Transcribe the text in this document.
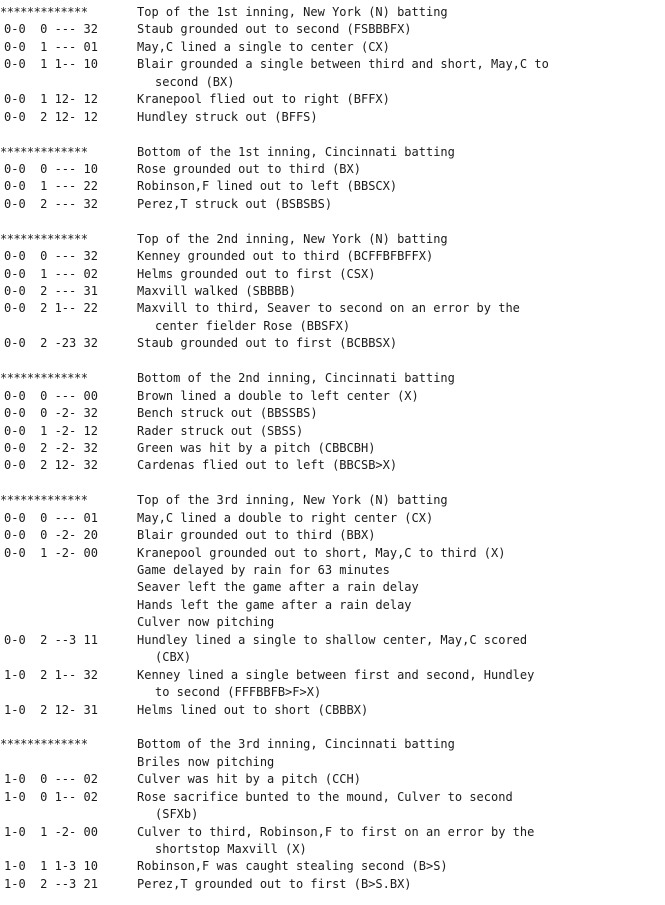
*************	Top of the 1st inning, New York (N) batting
0-0  0 --- 32	Staub grounded out to second (FSBBBFX)
0-0  1 --- 01	May,C lined a single to center (CX)
0-0  1 1-- 10	Blair grounded a single between third and short, May,C to
second (BX)
0-0  1 12- 12	Kranepool flied out to right (BFFX)
0-0  2 12- 12	Hundley struck out (BFFS)
*************	Bottom of the 1st inning, Cincinnati batting
0-0  0 --- 10	Rose grounded out to third (BX)
0-0  1 --- 22	Robinson,F lined out to left (BBSCX)
0-0  2 --- 32	Perez,T struck out (BSBSBS)
*************	Top of the 2nd inning, New York (N) batting
0-0  0 --- 32	Kenney grounded out to third (BCFFBFBFFX)
0-0  1 --- 02	Helms grounded out to first (CSX)
0-0  2 --- 31	Maxvill walked (SBBBB)
0-0  2 1-- 22	Maxvill to third, Seaver to second on an error by the
center fielder Rose (BBSFX)
0-0  2 -23 32	Staub grounded out to first (BCBBSX)
*************	Bottom of the 2nd inning, Cincinnati batting
0-0  0 --- 00	Brown lined a double to left center (X)
0-0  0 -2- 32	Bench struck out (BBSSBS)
0-0  1 -2- 12	Rader struck out (SBSS)
0-0  2 -2- 32	Green was hit by a pitch (CBBCBH)
0-0  2 12- 32	Cardenas flied out to left (BBCSB>X)
*************	Top of the 3rd inning, New York (N) batting
0-0  0 --- 01	May,C lined a double to right center (CX)
0-0  0 -2- 20	Blair grounded out to third (BBX)
0-0  1 -2- 00	Kranepool grounded out to short, May,C to third (X)
Game delayed by rain for 63 minutes
Seaver left the game after a rain delay
Hands left the game after a rain delay
Culver now pitching
0-0  2 --3 11	Hundley lined a single to shallow center, May,C scored
(CBX)
1-0  2 1-- 32	Kenney lined a single between first and second, Hundley
to second (FFFBBFB>F>X)
1-0  2 12- 31	Helms lined out to short (CBBBX)
*************	Bottom of the 3rd inning, Cincinnati batting
Briles now pitching
1-0  0 --- 02	Culver was hit by a pitch (CCH)
1-0  0 1-- 02	Rose sacrifice bunted to the mound, Culver to second
(SFXb)
1-0  1 -2- 00	Culver to third, Robinson,F to first on an error by the
shortstop Maxvill (X)
1-0  1 1-3 10	Robinson,F was caught stealing second (B>S)
1-0  2 --3 21	Perez,T grounded out to first (B>S.BX)
